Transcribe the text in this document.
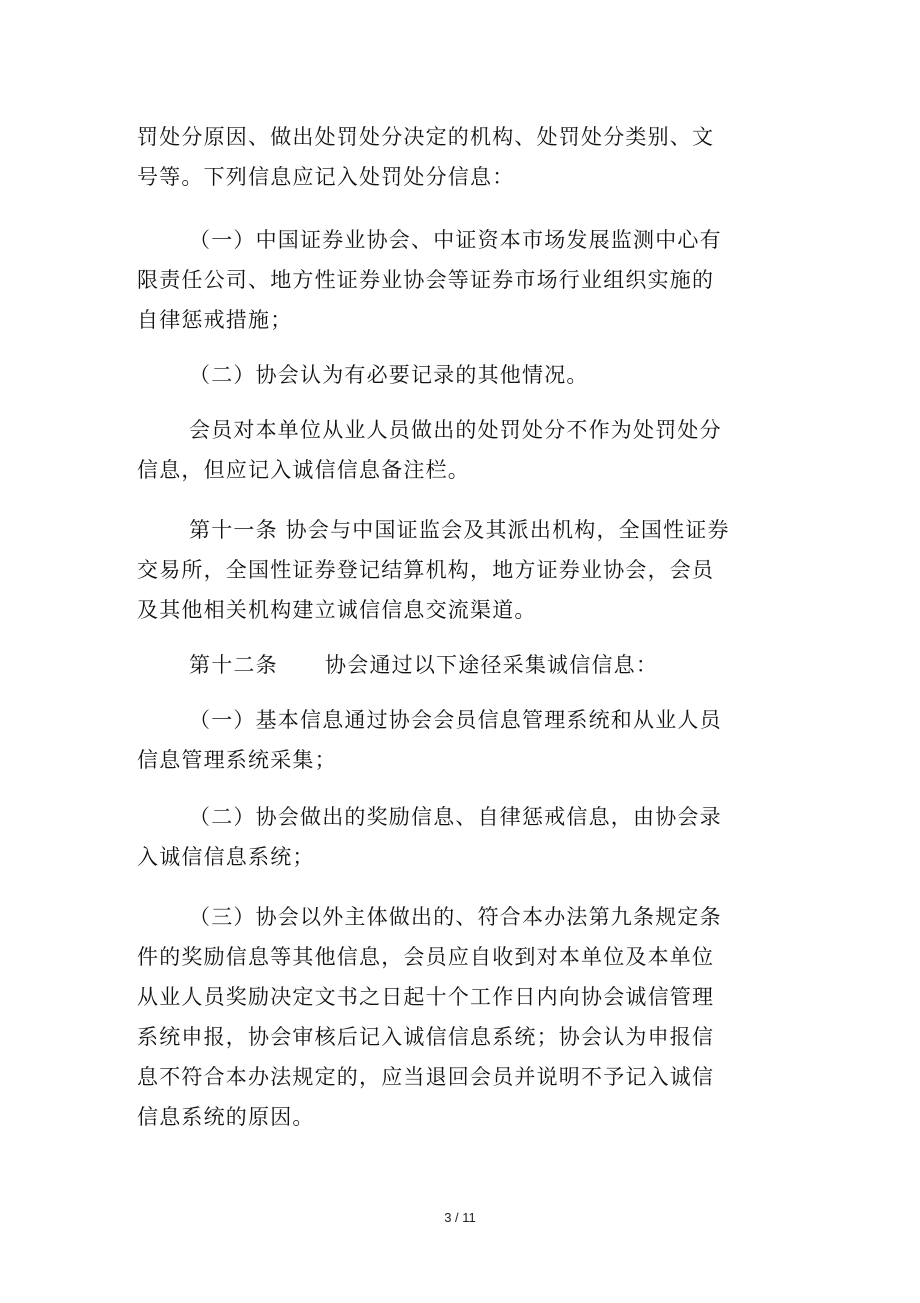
罚处分原因、做出处罚处分决定的机构、处罚处分类别、文
号等。下列信息应记入处罚处分信息：
（一）中国证券业协会、中证资本市场发展监测中心有
限责任公司、地方性证券业协会等证券市场行业组织实施的
自律惩戒措施；
（二）协会认为有必要记录的其他情况。
会员对本单位从业人员做出的处罚处分不作为处罚处分
信息，但应记入诚信信息备注栏。
第十一条 协会与中国证监会及其派出机构，全国性证券
交易所，全国性证券登记结算机构，地方证券业协会，会员
及其他相关机构建立诚信信息交流渠道。
第十二条      协会通过以下途径采集诚信信息：
（一）基本信息通过协会会员信息管理系统和从业人员
信息管理系统采集；
（二）协会做出的奖励信息、自律惩戒信息，由协会录
入诚信信息系统；
（三）协会以外主体做出的、符合本办法第九条规定条
件的奖励信息等其他信息，会员应自收到对本单位及本单位
从业人员奖励决定文书之日起十个工作日内向协会诚信管理
系统申报，协会审核后记入诚信信息系统；协会认为申报信
息不符合本办法规定的，应当退回会员并说明不予记入诚信
信息系统的原因。
3 / 11
